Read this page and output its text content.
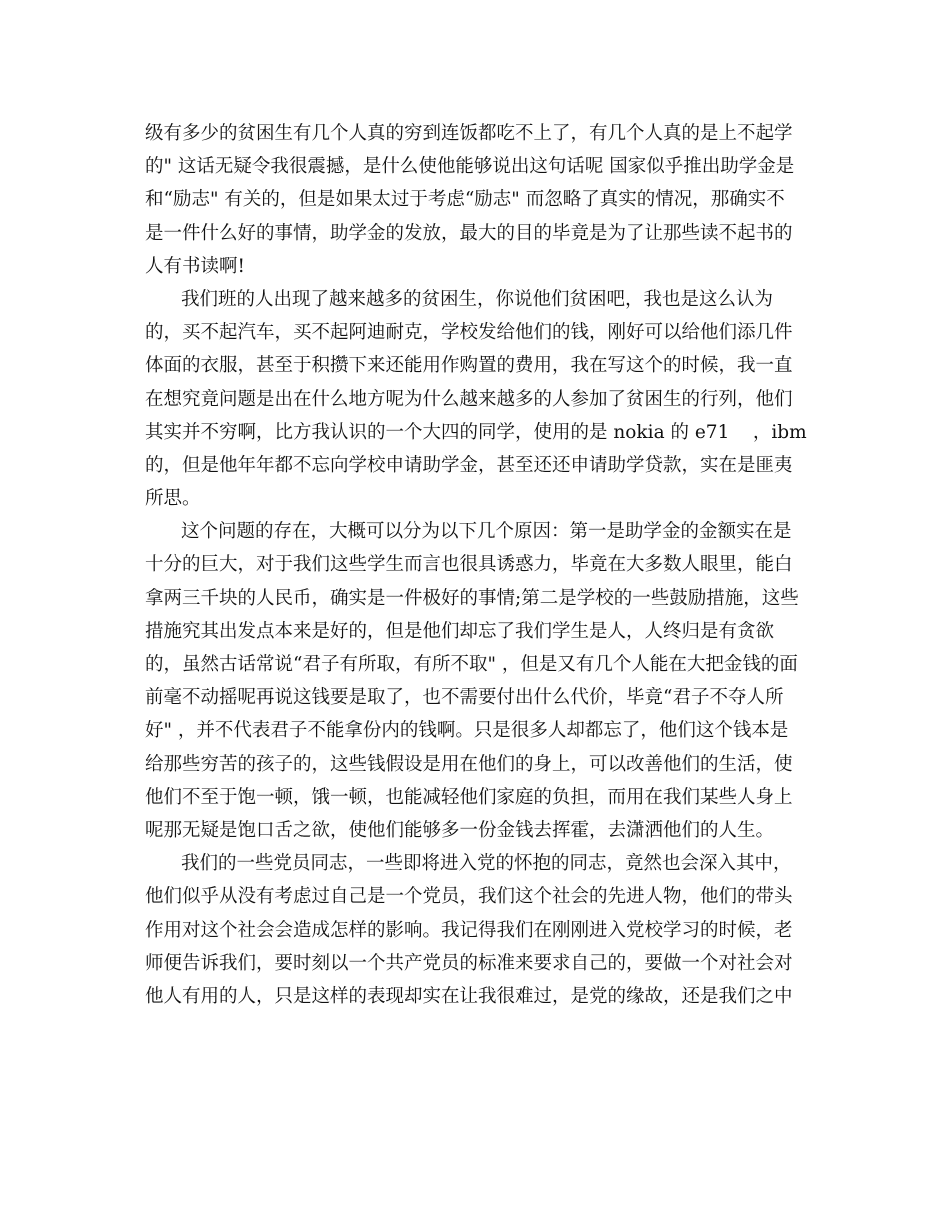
级有多少的贫困生有几个人真的穷到连饭都吃不上了，有几个人真的是上不起学
的" 这话无疑令我很震撼，是什么使他能够说出这句话呢 国家似乎推出助学金是
和“励志" 有关的，但是如果太过于考虑“励志" 而忽略了真实的情况，那确实不
是一件什么好的事情，助学金的发放，最大的目的毕竟是为了让那些读不起书的
人有书读啊!
我们班的人出现了越来越多的贫困生，你说他们贫困吧，我也是这么认为
的，买不起汽车，买不起阿迪耐克，学校发给他们的钱，刚好可以给他们添几件
体面的衣服，甚至于积攒下来还能用作购置的费用，我在写这个的时候，我一直
在想究竟问题是出在什么地方呢为什么越来越多的人参加了贫困生的行列，他们
其实并不穷啊，比方我认识的一个大四的同学，使用的是 nokia 的 e71    ，ibm
的，但是他年年都不忘向学校申请助学金，甚至还还申请助学贷款，实在是匪夷
所思。
这个问题的存在，大概可以分为以下几个原因：第一是助学金的金额实在是
十分的巨大，对于我们这些学生而言也很具诱惑力，毕竟在大多数人眼里，能白
拿两三千块的人民币，确实是一件极好的事情;第二是学校的一些鼓励措施，这些
措施究其出发点本来是好的，但是他们却忘了我们学生是人，人终归是有贪欲
的，虽然古话常说“君子有所取，有所不取" ，但是又有几个人能在大把金钱的面
前毫不动摇呢再说这钱要是取了，也不需要付出什么代价，毕竟“君子不夺人所
好" ，并不代表君子不能拿份内的钱啊。只是很多人却都忘了，他们这个钱本是
给那些穷苦的孩子的，这些钱假设是用在他们的身上，可以改善他们的生活，使
他们不至于饱一顿，饿一顿，也能减轻他们家庭的负担，而用在我们某些人身上
呢那无疑是饱口舌之欲，使他们能够多一份金钱去挥霍，去潇洒他们的人生。
我们的一些党员同志，一些即将进入党的怀抱的同志，竟然也会深入其中，
他们似乎从没有考虑过自己是一个党员，我们这个社会的先进人物，他们的带头
作用对这个社会会造成怎样的影响。我记得我们在刚刚进入党校学习的时候，老
师便告诉我们，要时刻以一个共产党员的标准来要求自己的，要做一个对社会对
他人有用的人，只是这样的表现却实在让我很难过，是党的缘故，还是我们之中
